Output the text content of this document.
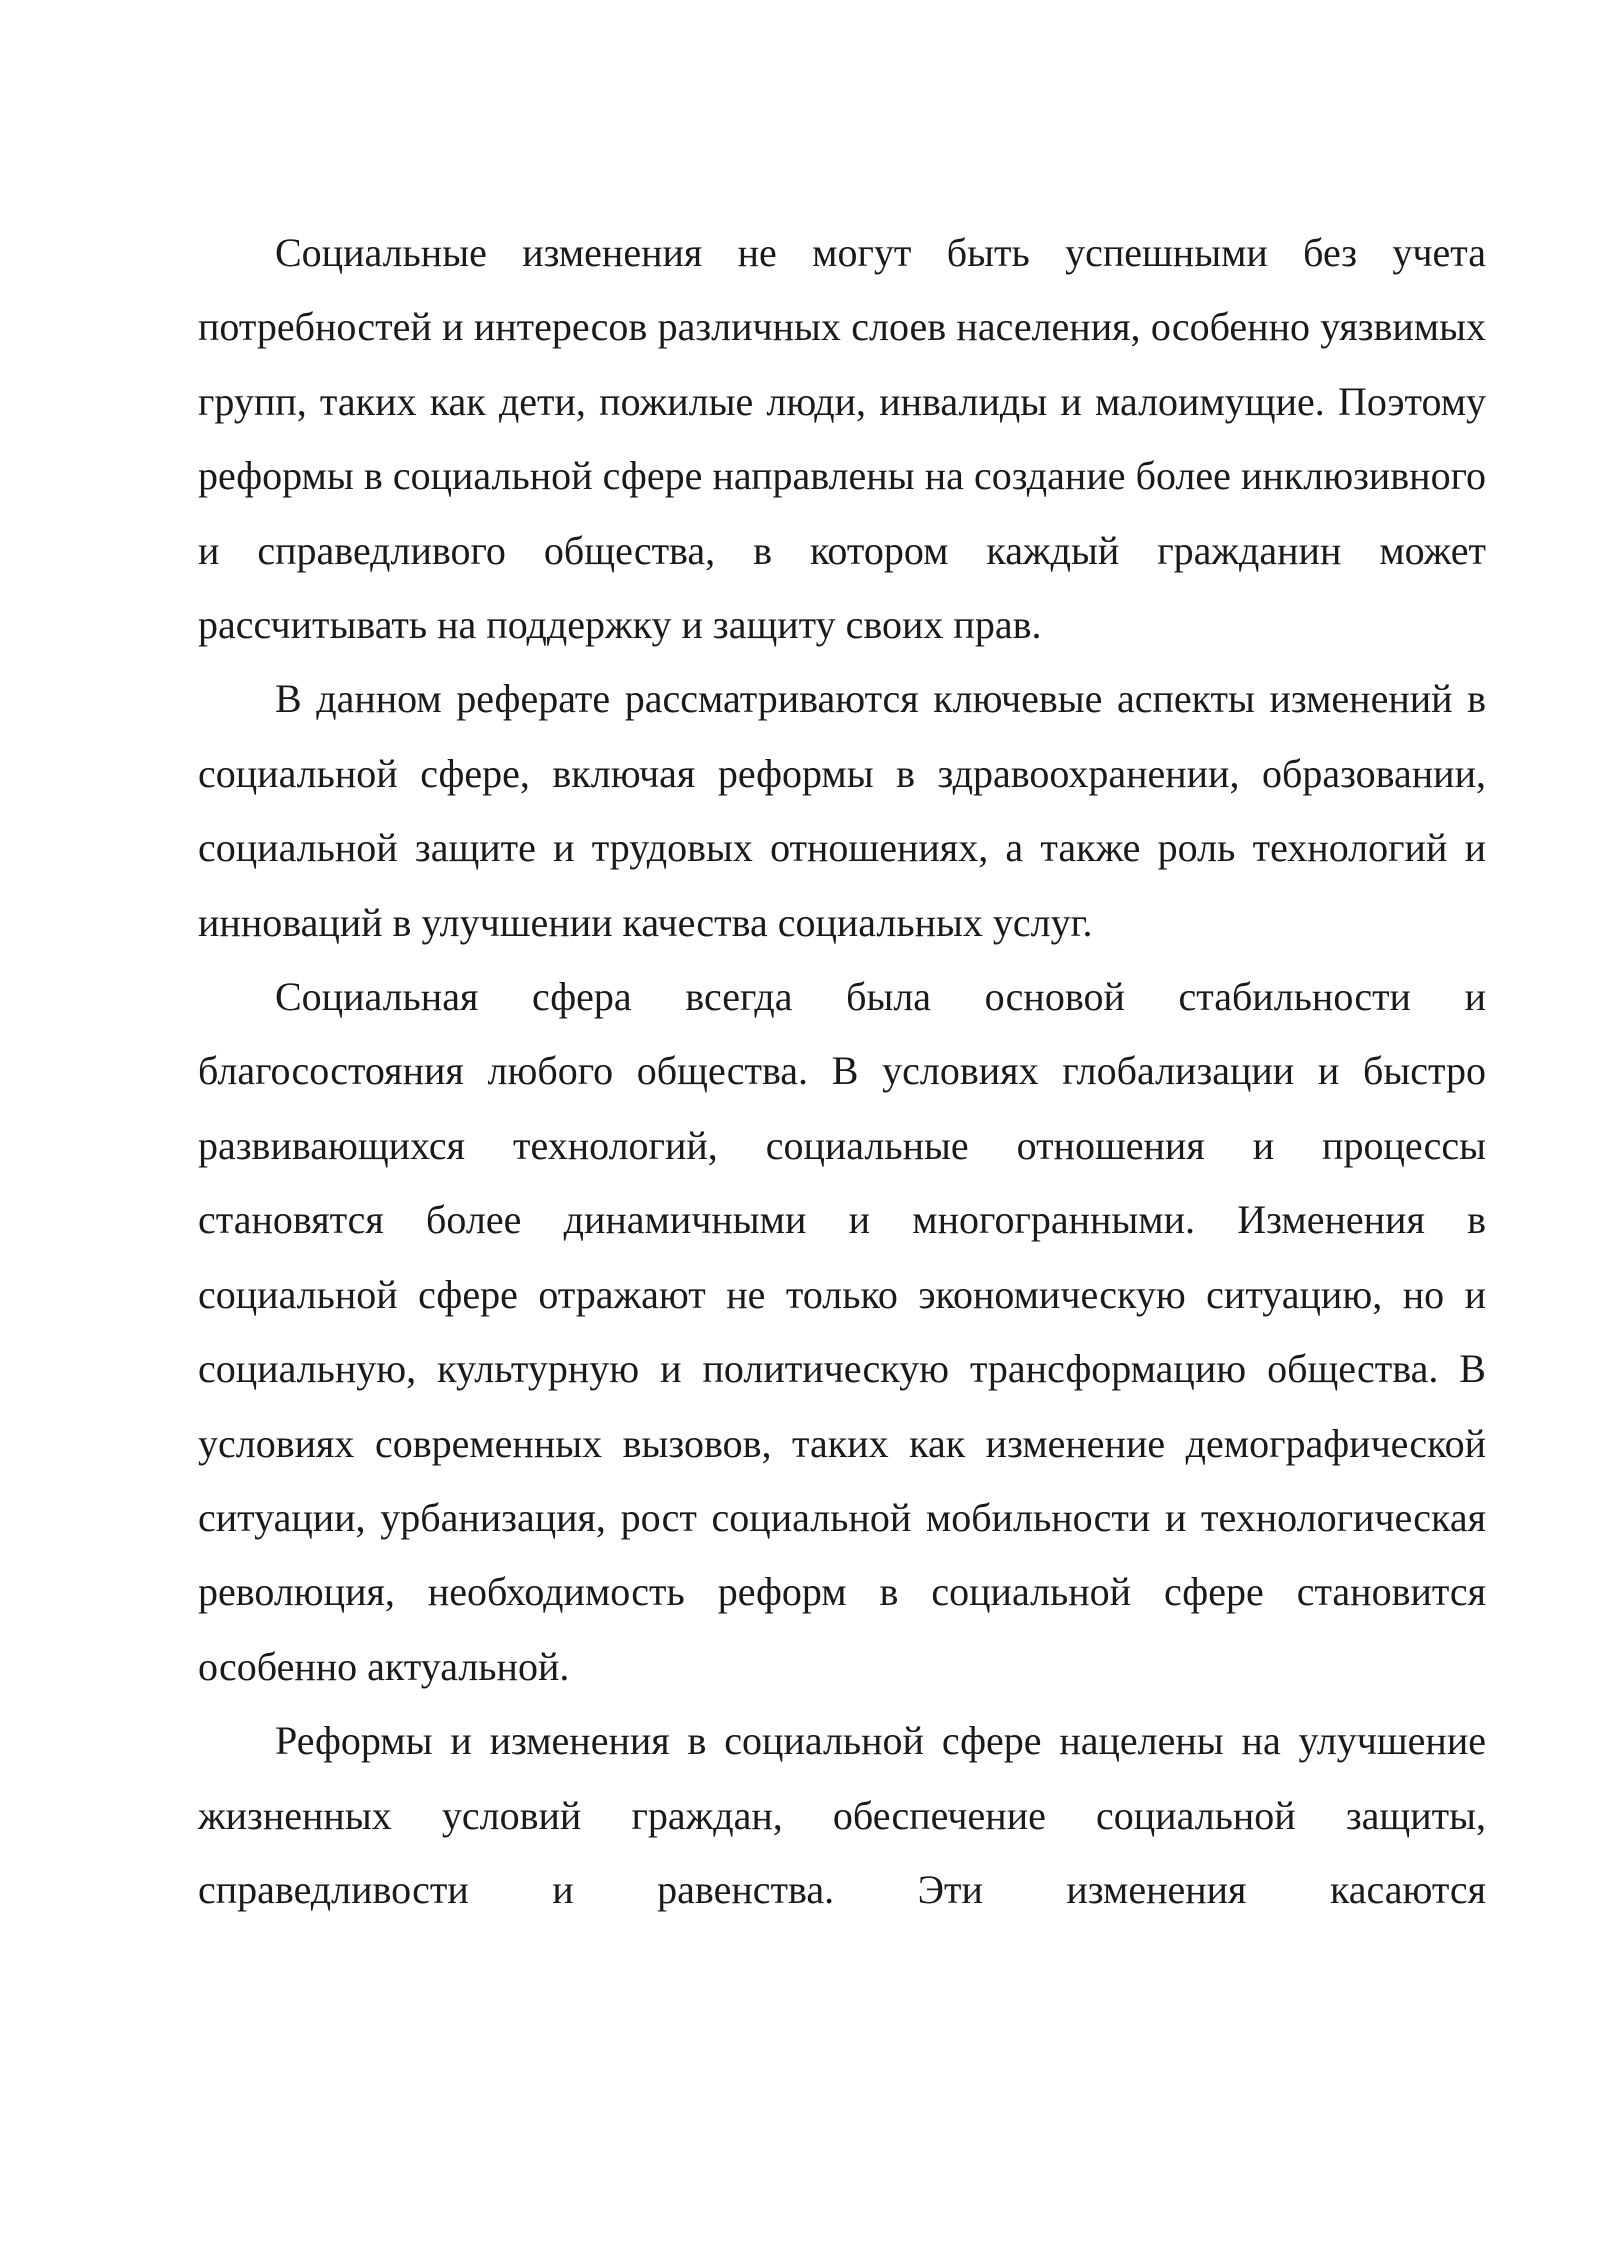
Социальные изменения не могут быть успешными без учета потребностей и интересов различных слоев населения, особенно уязвимых групп, таких как дети, пожилые люди, инвалиды и малоимущие. Поэтому реформы в социальной сфере направлены на создание более инклюзивного и справедливого общества, в котором каждый гражданин может рассчитывать на поддержку и защиту своих прав.

В данном реферате рассматриваются ключевые аспекты изменений в социальной сфере, включая реформы в здравоохранении, образовании, социальной защите и трудовых отношениях, а также роль технологий и инноваций в улучшении качества социальных услуг.

Социальная сфера всегда была основой стабильности и благосостояния любого общества. В условиях глобализации и быстро развивающихся технологий, социальные отношения и процессы становятся более динамичными и многогранными. Изменения в социальной сфере отражают не только экономическую ситуацию, но и социальную, культурную и политическую трансформацию общества. В условиях современных вызовов, таких как изменение демографической ситуации, урбанизация, рост социальной мобильности и технологическая революция, необходимость реформ в социальной сфере становится особенно актуальной.

Реформы и изменения в социальной сфере нацелены на улучшение жизненных условий граждан, обеспечение социальной защиты, справедливости и равенства. Эти изменения касаются
